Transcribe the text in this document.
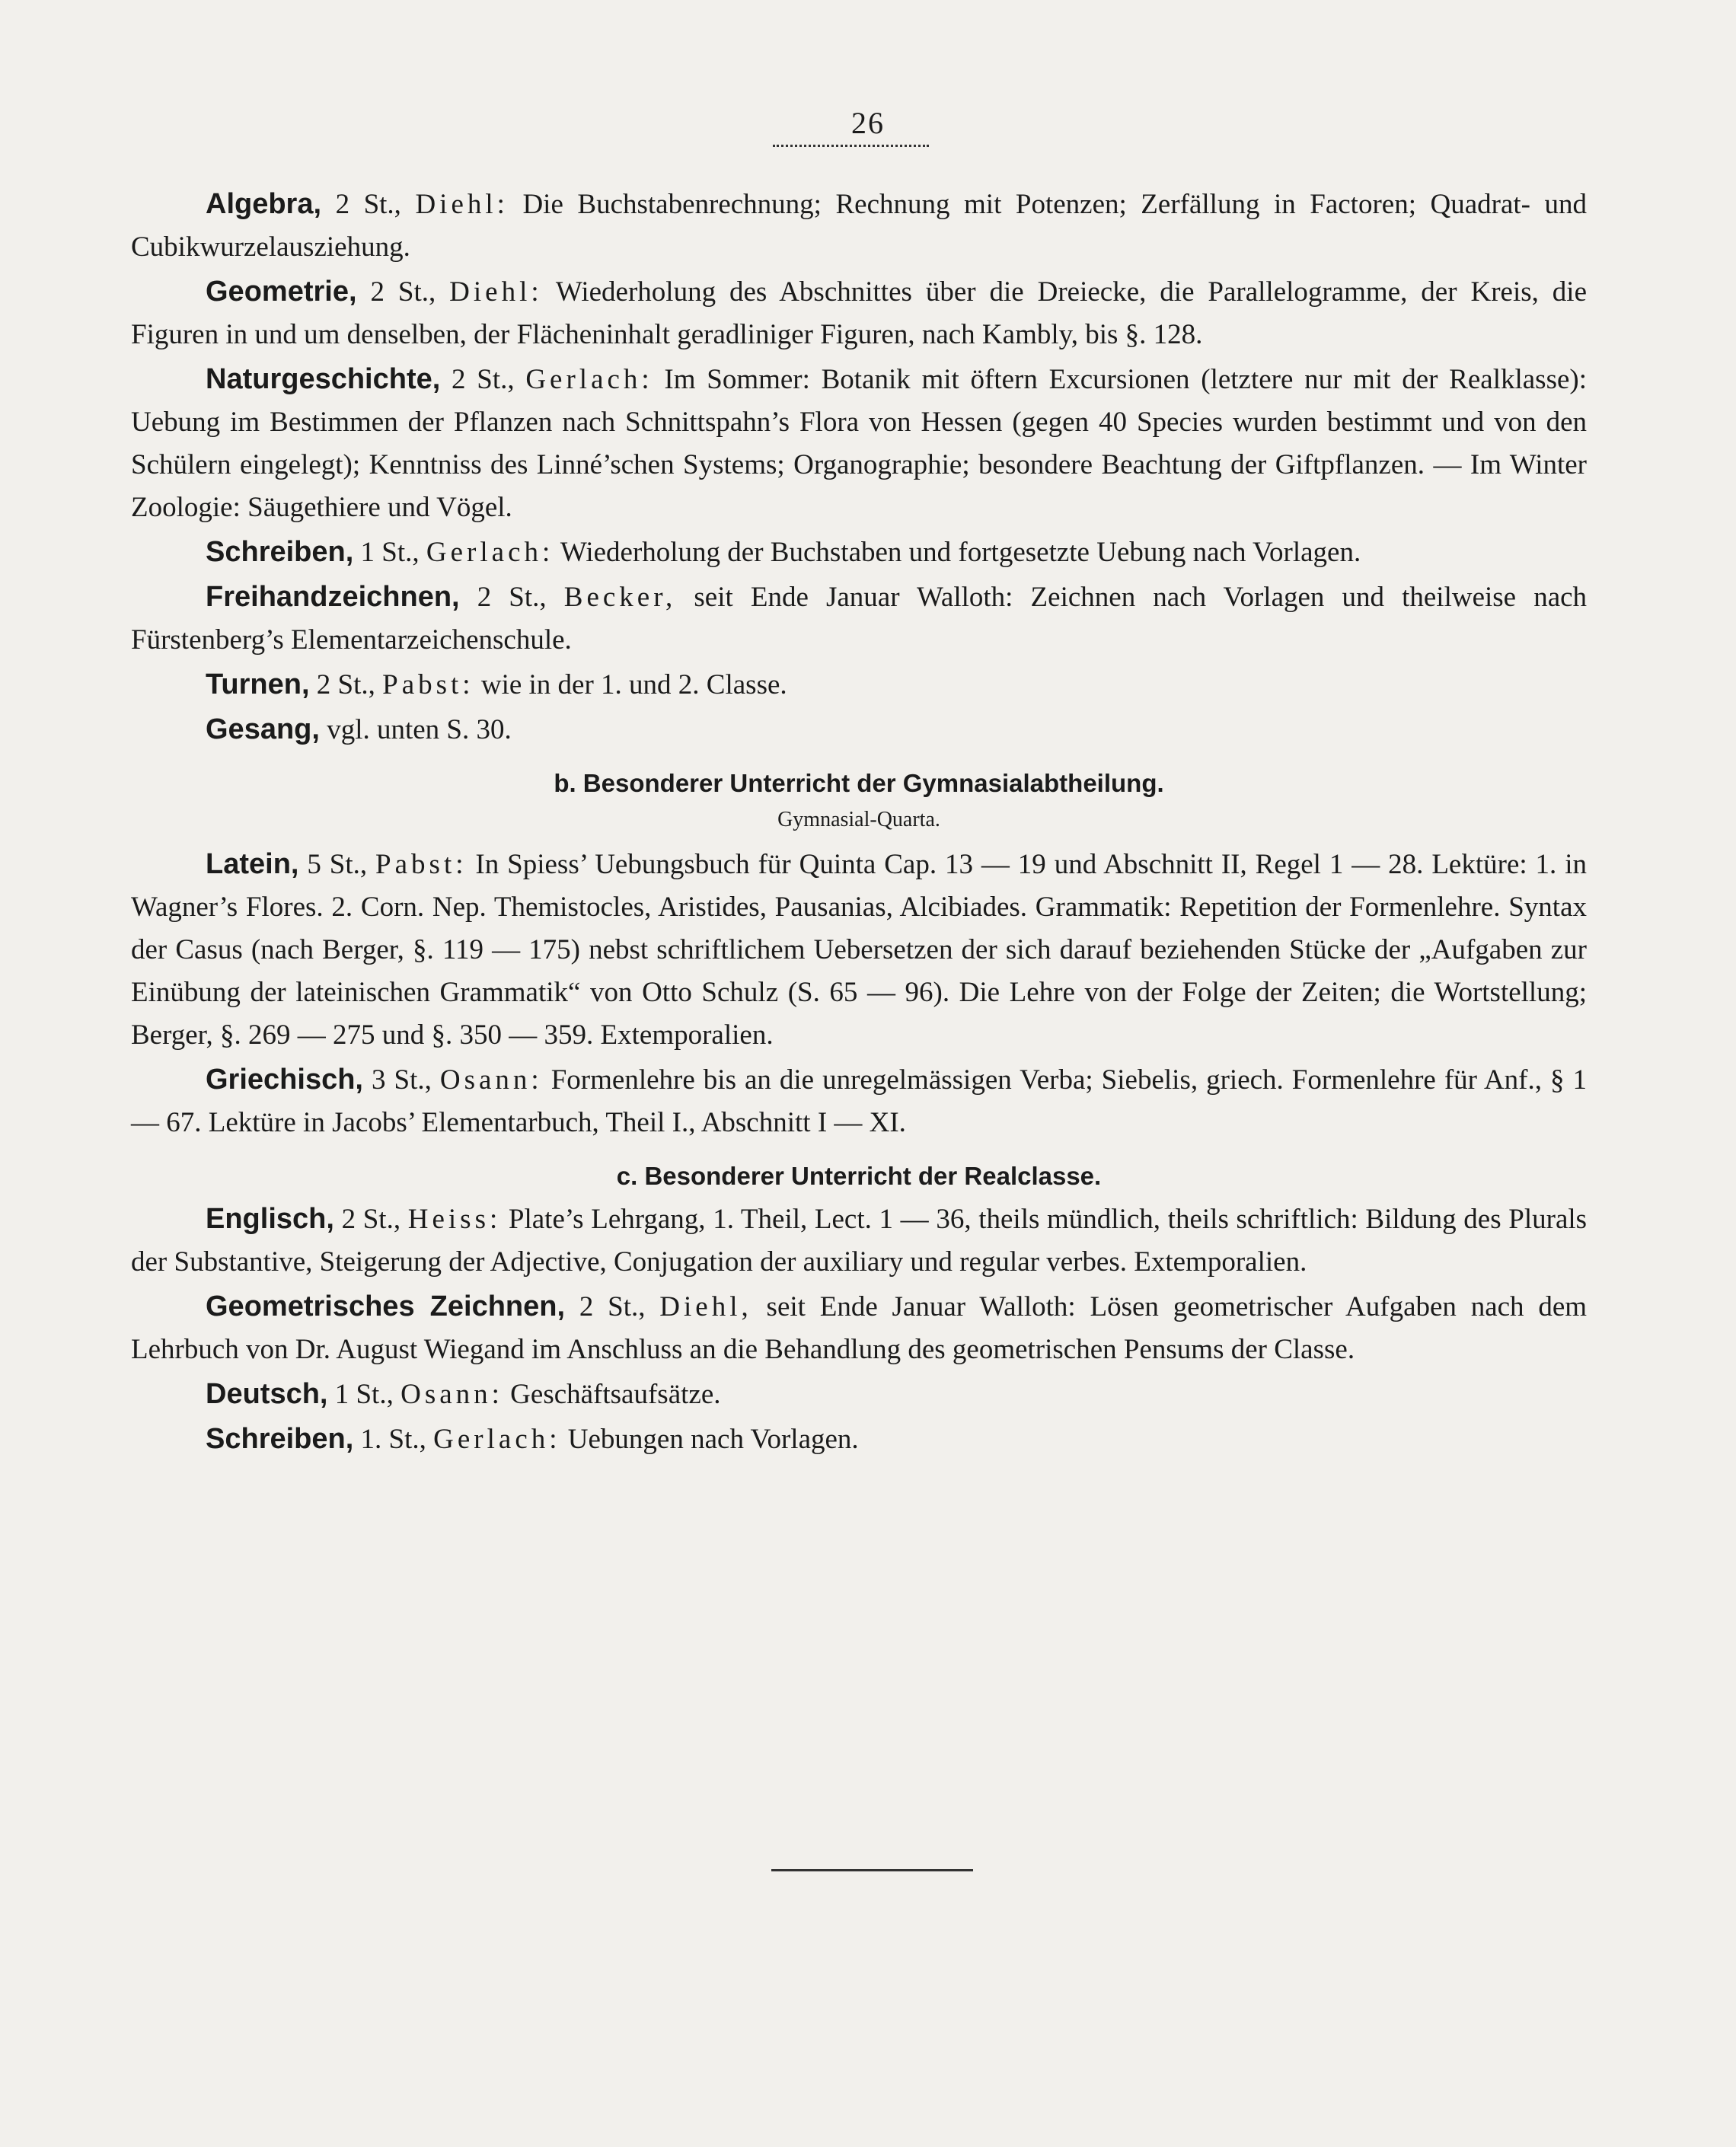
26

Algebra, 2 St., Diehl: Die Buchstabenrechnung; Rechnung mit Potenzen; Zerfällung in Factoren; Quadrat- und Cubikwurzelausziehung.

Geometrie, 2 St., Diehl: Wiederholung des Abschnittes über die Dreiecke, die Parallelogramme, der Kreis, die Figuren in und um denselben, der Flächeninhalt geradliniger Figuren, nach Kambly, bis §. 128.

Naturgeschichte, 2 St., Gerlach: Im Sommer: Botanik mit öftern Excursionen (letztere nur mit der Realklasse): Uebung im Bestimmen der Pflanzen nach Schnittspahn’s Flora von Hessen (gegen 40 Species wurden bestimmt und von den Schülern eingelegt); Kenntniss des Linné’schen Systems; Organographie; besondere Beachtung der Giftpflanzen. — Im Winter Zoologie: Säugethiere und Vögel.

Schreiben, 1 St., Gerlach: Wiederholung der Buchstaben und fortgesetzte Uebung nach Vorlagen.

Freihandzeichnen, 2 St., Becker, seit Ende Januar Walloth: Zeichnen nach Vorlagen und theilweise nach Fürstenberg’s Elementarzeichenschule.

Turnen, 2 St., Pabst: wie in der 1. und 2. Classe.

Gesang, vgl. unten S. 30.

b. Besonderer Unterricht der Gymnasialabtheilung.

Gymnasial-Quarta.

Latein, 5 St., Pabst: In Spiess’ Uebungsbuch für Quinta Cap. 13 — 19 und Abschnitt II, Regel 1 — 28. Lektüre: 1. in Wagner’s Flores. 2. Corn. Nep. Themistocles, Aristides, Pausanias, Alcibiades. Grammatik: Repetition der Formenlehre. Syntax der Casus (nach Berger, §. 119 — 175) nebst schriftlichem Uebersetzen der sich darauf beziehenden Stücke der „Aufgaben zur Einübung der lateinischen Grammatik“ von Otto Schulz (S. 65 — 96). Die Lehre von der Folge der Zeiten; die Wortstellung; Berger, §. 269 — 275 und §. 350 — 359. Extemporalien.

Griechisch, 3 St., Osann: Formenlehre bis an die unregelmässigen Verba; Siebelis, griech. Formenlehre für Anf., § 1 — 67. Lektüre in Jacobs’ Elementarbuch, Theil I., Abschnitt I — XI.

c. Besonderer Unterricht der Realclasse.

Englisch, 2 St., Heiss: Plate’s Lehrgang, 1. Theil, Lect. 1 — 36, theils mündlich, theils schriftlich: Bildung des Plurals der Substantive, Steigerung der Adjective, Conjugation der auxiliary und regular verbes. Extemporalien.

Geometrisches Zeichnen, 2 St., Diehl, seit Ende Januar Walloth: Lösen geometrischer Aufgaben nach dem Lehrbuch von Dr. August Wiegand im Anschluss an die Behandlung des geometrischen Pensums der Classe.

Deutsch, 1 St., Osann: Geschäftsaufsätze.

Schreiben, 1. St., Gerlach: Uebungen nach Vorlagen.
